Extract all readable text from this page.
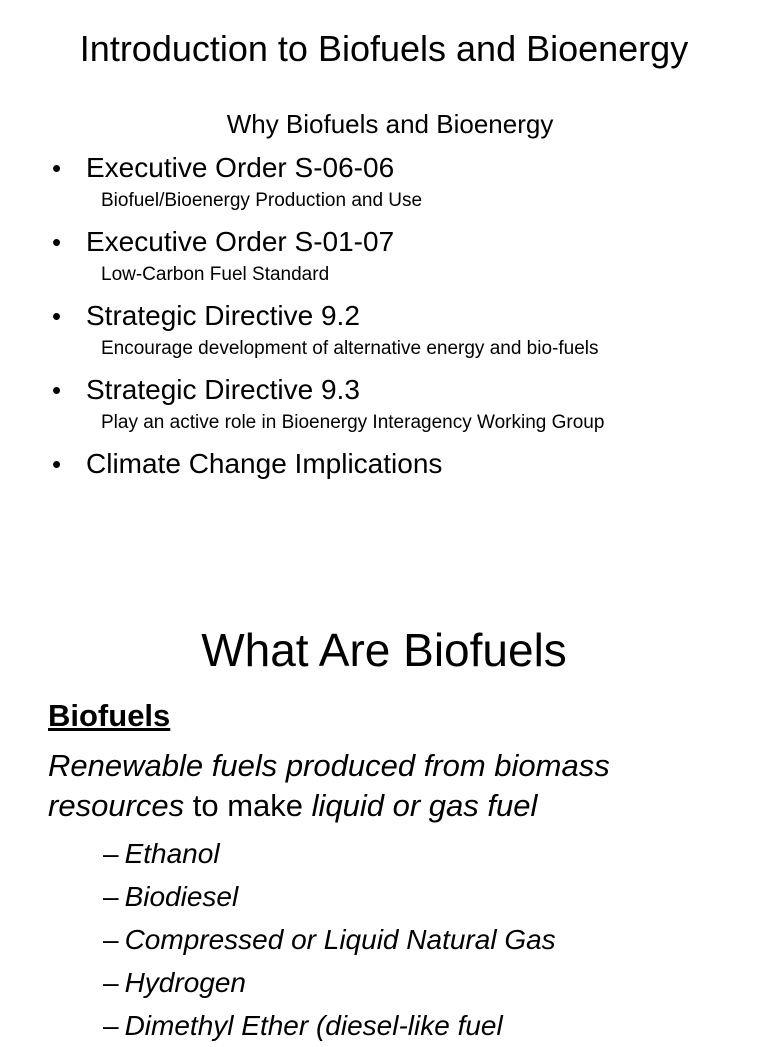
Introduction to Biofuels and Bioenergy
Why Biofuels and Bioenergy
• Executive Order S-06-06
Biofuel/Bioenergy Production and Use
• Executive Order S-01-07
Low-Carbon Fuel Standard
• Strategic Directive 9.2
Encourage development of alternative energy and bio-fuels
• Strategic Directive 9.3
Play an active role in Bioenergy Interagency Working Group
• Climate Change Implications
What Are Biofuels
Biofuels
Renewable fuels produced from biomass resources to make liquid or gas fuel
– Ethanol
– Biodiesel
– Compressed or Liquid Natural Gas
– Hydrogen
– Dimethyl Ether (diesel-like fuel
